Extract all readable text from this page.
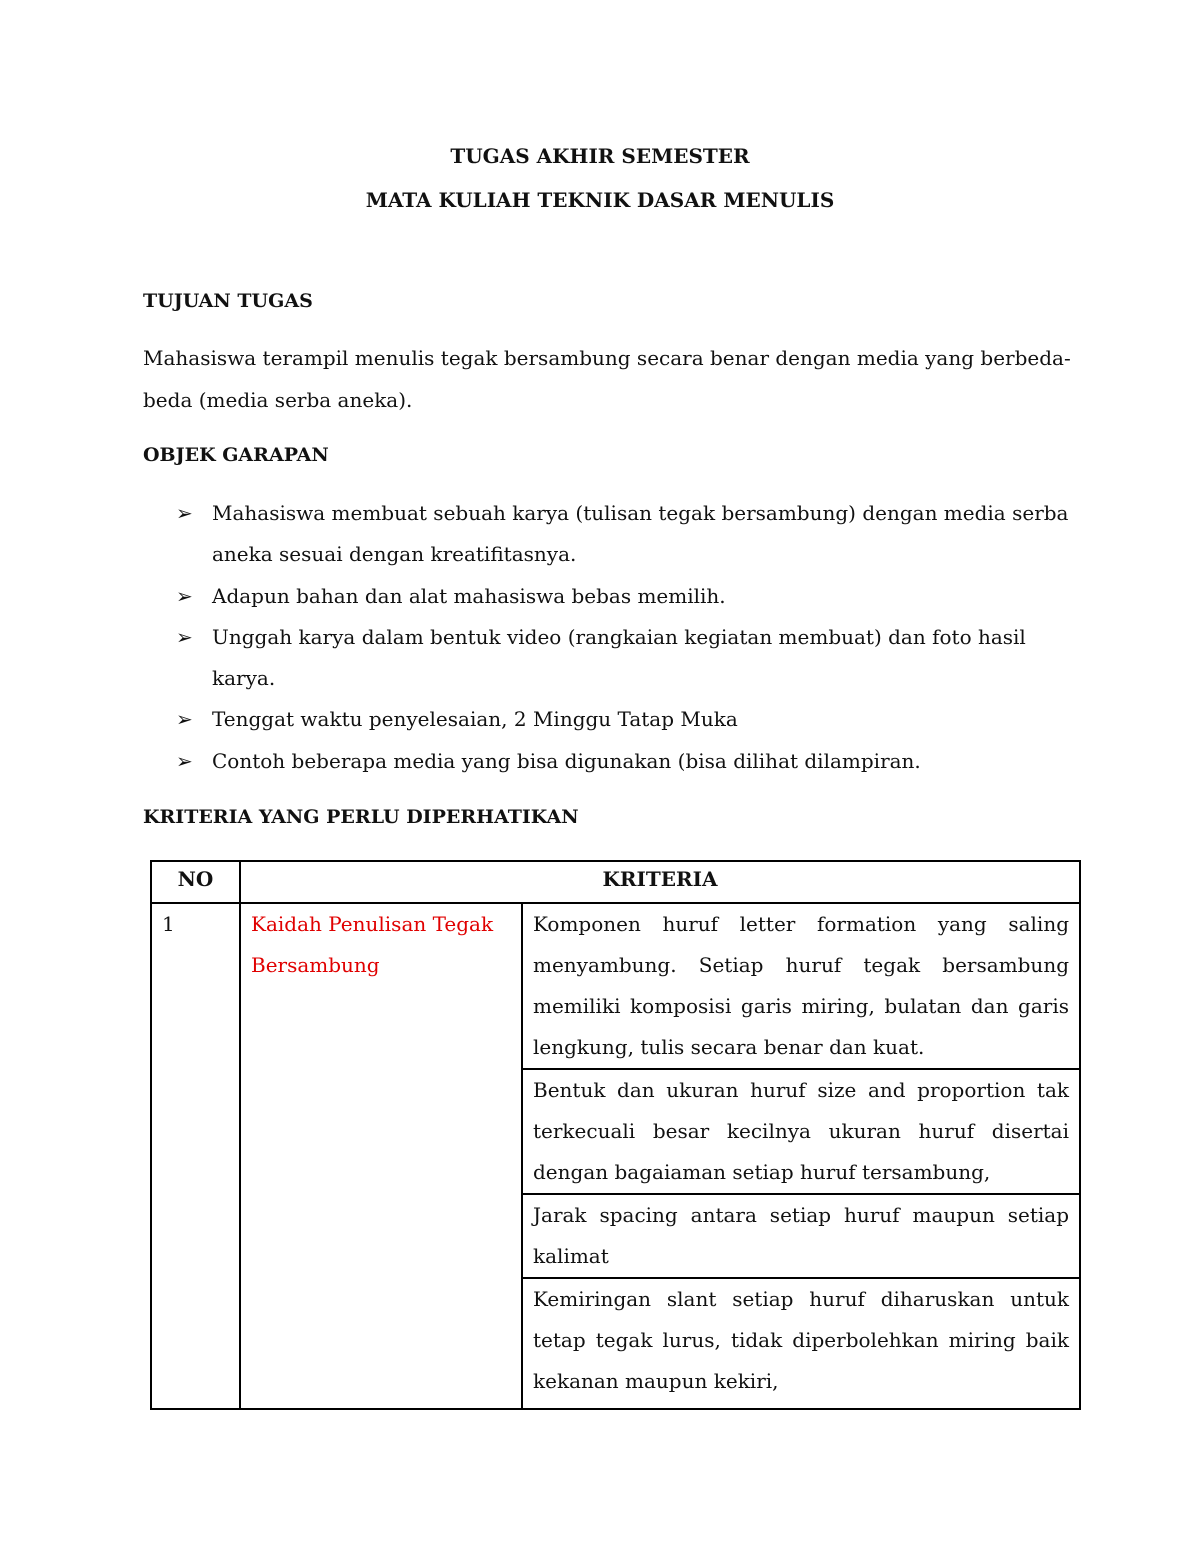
TUGAS AKHIR SEMESTER
MATA KULIAH TEKNIK DASAR MENULIS
TUJUAN TUGAS
Mahasiswa terampil menulis tegak bersambung secara benar dengan media yang berbeda-
beda (media serba aneka).
OBJEK GARAPAN
➢ Mahasiswa membuat sebuah karya (tulisan tegak bersambung) dengan media serba
aneka sesuai dengan kreatifitasnya.
➢ Adapun bahan dan alat mahasiswa bebas memilih.
➢ Unggah karya dalam bentuk video (rangkaian kegiatan membuat) dan foto hasil
karya.
➢ Tenggat waktu penyelesaian, 2 Minggu Tatap Muka
➢ Contoh beberapa media yang bisa digunakan (bisa dilihat dilampiran.
KRITERIA YANG PERLU DIPERHATIKAN
NO	KRITERIA	
1	Kaidah Penulisan Tegak Bersambung	Komponen huruf letter formation yang saling menyambung. Setiap huruf tegak bersambung memiliki komposisi garis miring, bulatan dan garis lengkung, tulis secara benar dan kuat.
		Bentuk dan ukuran huruf size and proportion tak terkecuali besar kecilnya ukuran huruf disertai dengan bagaiaman setiap huruf tersambung,
		Jarak spacing antara setiap huruf maupun setiap kalimat
		Kemiringan slant setiap huruf diharuskan untuk tetap tegak lurus, tidak diperbolehkan miring baik kekanan maupun kekiri,
